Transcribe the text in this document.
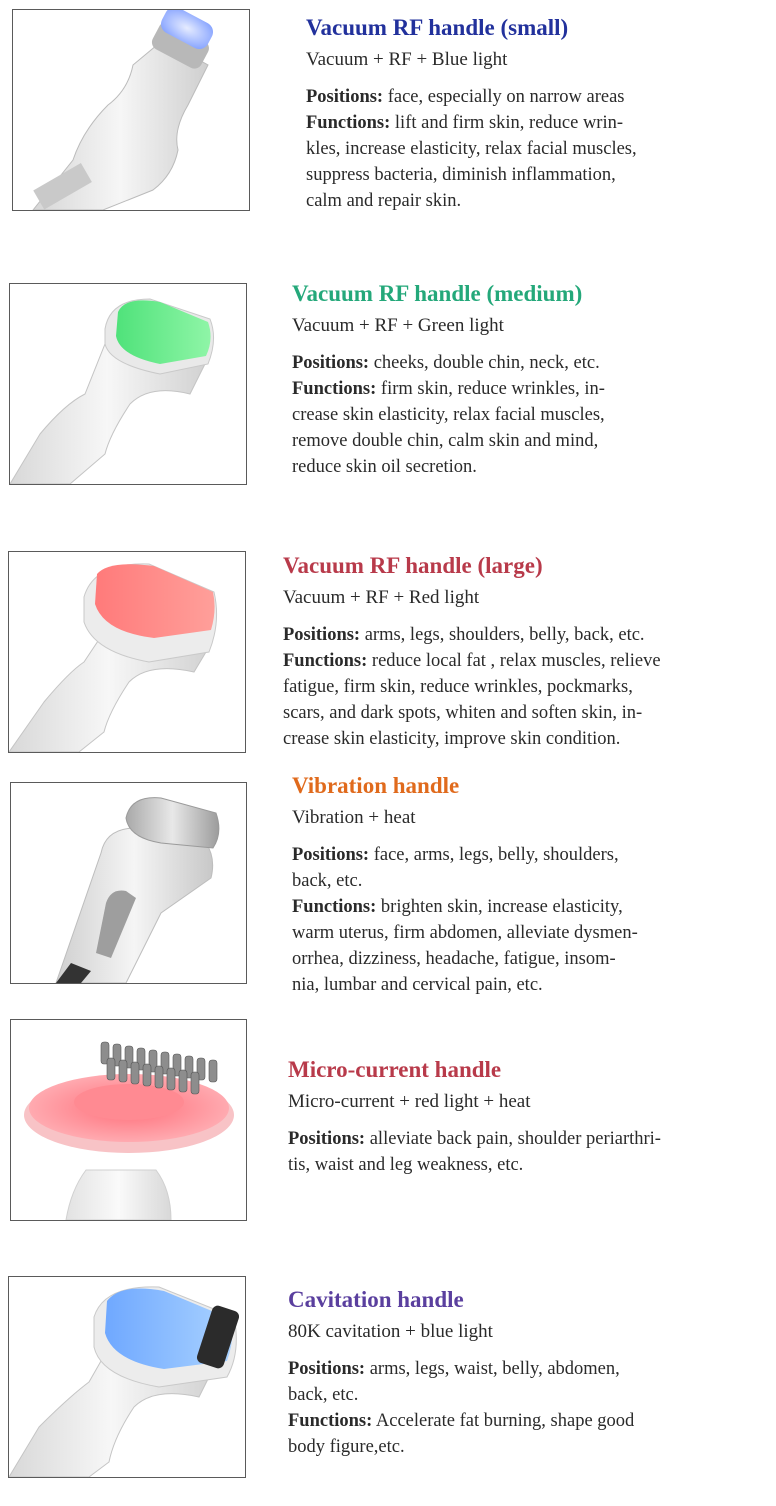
Vacuum RF handle (small)
Vacuum + RF + Blue light
Positions: face, especially on narrow areas
Functions: lift and firm skin, reduce wrin-
kles, increase elasticity, relax facial muscles,
suppress bacteria, diminish inflammation,
calm and repair skin.
Vacuum RF handle (medium)
Vacuum + RF + Green light
Positions: cheeks, double chin, neck, etc.
Functions: firm skin, reduce wrinkles, in-
crease skin elasticity, relax facial muscles,
remove double chin, calm skin and mind,
reduce skin oil secretion.
Vacuum RF handle (large)
Vacuum + RF + Red light
Positions: arms, legs, shoulders, belly, back, etc.
Functions: reduce local fat , relax muscles, relieve
fatigue, firm skin, reduce wrinkles, pockmarks,
scars, and dark spots, whiten and soften skin, in-
crease skin elasticity, improve skin condition.
Vibration handle
Vibration + heat
Positions: face, arms, legs, belly, shoulders,
back, etc.
Functions: brighten skin, increase elasticity,
warm uterus, firm abdomen, alleviate dysmen-
orrhea, dizziness, headache, fatigue, insom-
nia, lumbar and cervical pain, etc.
Micro-current handle
Micro-current + red light + heat
Positions: alleviate back pain, shoulder periarthri-
tis, waist and leg weakness, etc.
Cavitation handle
80K cavitation + blue light
Positions: arms, legs, waist, belly, abdomen,
back, etc.
Functions: Accelerate fat burning, shape good
body figure,etc.
